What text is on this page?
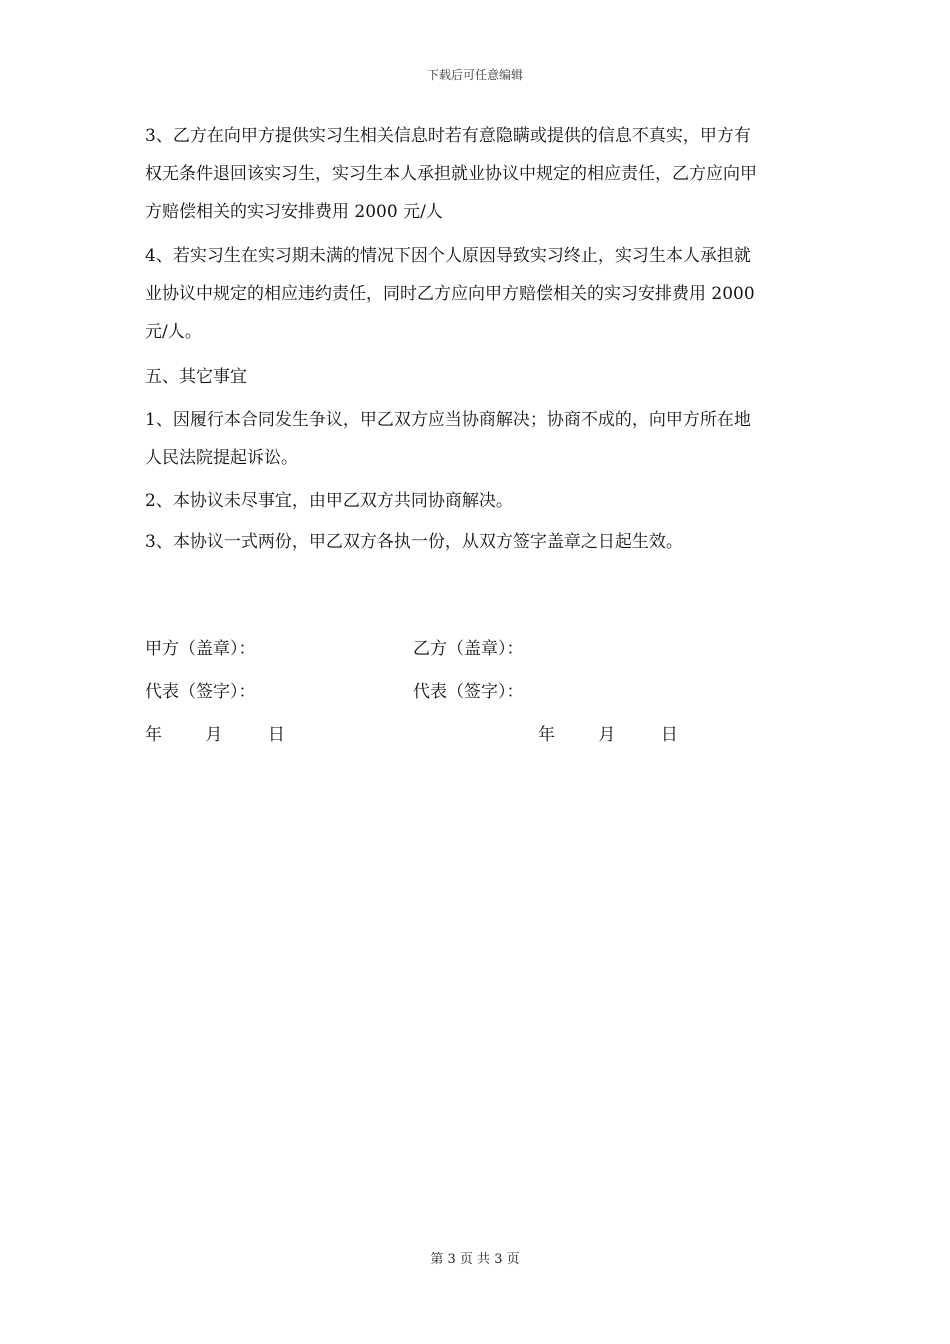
下载后可任意编辑
3、乙方在向甲方提供实习生相关信息时若有意隐瞒或提供的信息不真实，甲方有
权无条件退回该实习生，实习生本人承担就业协议中规定的相应责任，乙方应向甲
方赔偿相关的实习安排费用 2000 元/人
4、若实习生在实习期未满的情况下因个人原因导致实习终止，实习生本人承担就
业协议中规定的相应违约责任，同时乙方应向甲方赔偿相关的实习安排费用 2000
元/人。
五、其它事宜
1、因履行本合同发生争议，甲乙双方应当协商解决；协商不成的，向甲方所在地
人民法院提起诉讼。
2、本协议未尽事宜，由甲乙双方共同协商解决。
3、本协议一式两份，甲乙双方各执一份，从双方签字盖章之日起生效。
甲方（盖章）：	乙方（盖章）：
代表（签字）：	代表（签字）：
年	月	日	年	月	日
第 3 页 共 3 页
